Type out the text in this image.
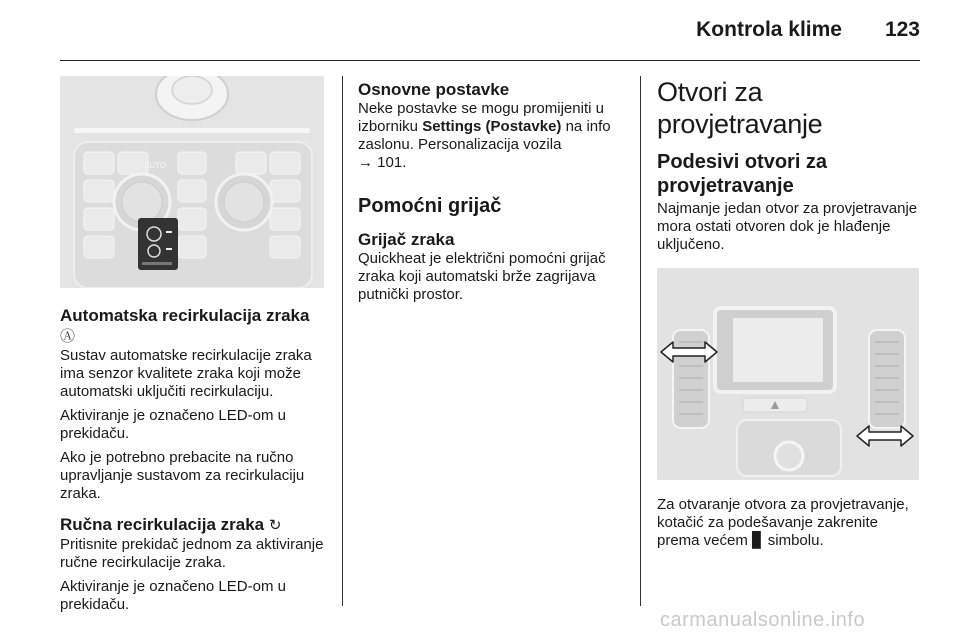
Kontrola klime 123
AUTO
Automatska recirkulacija zraka Ⓐ

Sustav automatske recirkulacije zraka ima senzor kvalitete zraka koji može automatski uključiti recirkulaciju.

Aktiviranje je označeno LED-om u prekidaču.

Ako je potrebno prebacite na ručno upravljanje sustavom za recirkulaciju zraka.

Ručna recirkulacija zraka ↻

Pritisnite prekidač jednom za aktiviranje ručne recirkulacije zraka.

Aktiviranje je označeno LED-om u prekidaču.

Osnovne postavke

Neke postavke se mogu promijeniti u izborniku Settings (Postavke) na info zaslonu. Personalizacija vozila
→ 101.

Pomoćni grijač
Grijač zraka

Quickheat je električni pomoćni grijač zraka koji automatski brže zagrijava putnički prostor.

Otvori za provjetravanje
Podesivi otvori za provjetravanje

Najmanje jedan otvor za provjetravanje mora ostati otvoren dok je hlađenje uključeno.

Za otvaranje otvora za provjetravanje, kotačić za podešavanje zakrenite prema većem ▊ simbolu.

carmanualsonline.info
